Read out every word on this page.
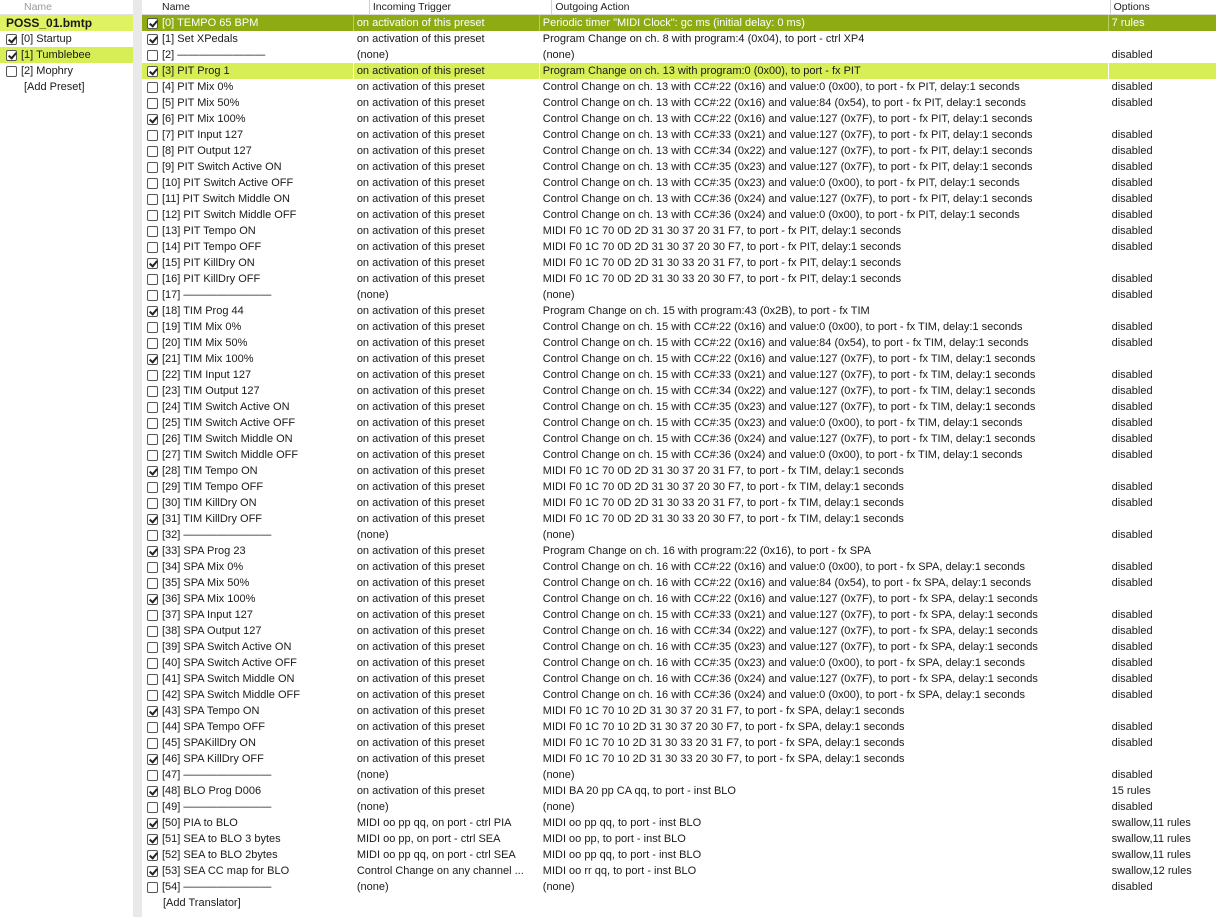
Name
POSS_01.bmtp
[0] Startup
[1] Tumblebee
[2] Mophry
[Add Preset]
Name	Incoming Trigger	Outgoing Action	Options
[0] TEMPO 65 BPM	on activation of this preset	Periodic timer "MIDI Clock": gc ms (initial delay: 0 ms)	7 rules
[1] Set XPedals	on activation of this preset	Program Change on ch. 8 with program:4 (0x04), to port - ctrl XP4
[2] ————————	(none)	(none)	disabled
[3] PIT Prog 1	on activation of this preset	Program Change on ch. 13 with program:0 (0x00), to port - fx PIT
[4] PIT Mix 0%	on activation of this preset	Control Change on ch. 13 with CC#:22 (0x16) and value:0 (0x00), to port - fx PIT, delay:1 seconds	disabled
[5] PIT Mix 50%	on activation of this preset	Control Change on ch. 13 with CC#:22 (0x16) and value:84 (0x54), to port - fx PIT, delay:1 seconds	disabled
[6] PIT Mix 100%	on activation of this preset	Control Change on ch. 13 with CC#:22 (0x16) and value:127 (0x7F), to port - fx PIT, delay:1 seconds
[7] PIT Input 127	on activation of this preset	Control Change on ch. 13 with CC#:33 (0x21) and value:127 (0x7F), to port - fx PIT, delay:1 seconds	disabled
[8] PIT Output 127	on activation of this preset	Control Change on ch. 13 with CC#:34 (0x22) and value:127 (0x7F), to port - fx PIT, delay:1 seconds	disabled
[9] PIT Switch Active ON	on activation of this preset	Control Change on ch. 13 with CC#:35 (0x23) and value:127 (0x7F), to port - fx PIT, delay:1 seconds	disabled
[10] PIT Switch Active OFF	on activation of this preset	Control Change on ch. 13 with CC#:35 (0x23) and value:0 (0x00), to port - fx PIT, delay:1 seconds	disabled
[11] PIT Switch Middle ON	on activation of this preset	Control Change on ch. 13 with CC#:36 (0x24) and value:127 (0x7F), to port - fx PIT, delay:1 seconds	disabled
[12] PIT Switch Middle OFF	on activation of this preset	Control Change on ch. 13 with CC#:36 (0x24) and value:0 (0x00), to port - fx PIT, delay:1 seconds	disabled
[13] PIT Tempo ON	on activation of this preset	MIDI F0 1C 70 0D 2D 31 30 37 20 31 F7, to port - fx PIT, delay:1 seconds	disabled
[14] PIT Tempo OFF	on activation of this preset	MIDI F0 1C 70 0D 2D 31 30 37 20 30 F7, to port - fx PIT, delay:1 seconds	disabled
[15] PIT KillDry ON	on activation of this preset	MIDI F0 1C 70 0D 2D 31 30 33 20 31 F7, to port - fx PIT, delay:1 seconds
[16] PIT KillDry OFF	on activation of this preset	MIDI F0 1C 70 0D 2D 31 30 33 20 30 F7, to port - fx PIT, delay:1 seconds	disabled
[17] ————————	(none)	(none)	disabled
[18] TIM Prog 44	on activation of this preset	Program Change on ch. 15 with program:43 (0x2B), to port - fx TIM
[19] TIM Mix 0%	on activation of this preset	Control Change on ch. 15 with CC#:22 (0x16) and value:0 (0x00), to port - fx TIM, delay:1 seconds	disabled
[20] TIM Mix 50%	on activation of this preset	Control Change on ch. 15 with CC#:22 (0x16) and value:84 (0x54), to port - fx TIM, delay:1 seconds	disabled
[21] TIM Mix 100%	on activation of this preset	Control Change on ch. 15 with CC#:22 (0x16) and value:127 (0x7F), to port - fx TIM, delay:1 seconds
[22] TIM Input 127	on activation of this preset	Control Change on ch. 15 with CC#:33 (0x21) and value:127 (0x7F), to port - fx TIM, delay:1 seconds	disabled
[23] TIM Output 127	on activation of this preset	Control Change on ch. 15 with CC#:34 (0x22) and value:127 (0x7F), to port - fx TIM, delay:1 seconds	disabled
[24] TIM Switch Active ON	on activation of this preset	Control Change on ch. 15 with CC#:35 (0x23) and value:127 (0x7F), to port - fx TIM, delay:1 seconds	disabled
[25] TIM Switch Active OFF	on activation of this preset	Control Change on ch. 15 with CC#:35 (0x23) and value:0 (0x00), to port - fx TIM, delay:1 seconds	disabled
[26] TIM Switch Middle ON	on activation of this preset	Control Change on ch. 15 with CC#:36 (0x24) and value:127 (0x7F), to port - fx TIM, delay:1 seconds	disabled
[27] TIM Switch Middle OFF	on activation of this preset	Control Change on ch. 15 with CC#:36 (0x24) and value:0 (0x00), to port - fx TIM, delay:1 seconds	disabled
[28] TIM Tempo ON	on activation of this preset	MIDI F0 1C 70 0D 2D 31 30 37 20 31 F7, to port - fx TIM, delay:1 seconds
[29] TIM Tempo OFF	on activation of this preset	MIDI F0 1C 70 0D 2D 31 30 37 20 30 F7, to port - fx TIM, delay:1 seconds	disabled
[30] TIM KillDry ON	on activation of this preset	MIDI F0 1C 70 0D 2D 31 30 33 20 31 F7, to port - fx TIM, delay:1 seconds	disabled
[31] TIM KillDry OFF	on activation of this preset	MIDI F0 1C 70 0D 2D 31 30 33 20 30 F7, to port - fx TIM, delay:1 seconds
[32] ————————	(none)	(none)	disabled
[33] SPA Prog 23	on activation of this preset	Program Change on ch. 16 with program:22 (0x16), to port - fx SPA
[34] SPA Mix 0%	on activation of this preset	Control Change on ch. 16 with CC#:22 (0x16) and value:0 (0x00), to port - fx SPA, delay:1 seconds	disabled
[35] SPA Mix 50%	on activation of this preset	Control Change on ch. 16 with CC#:22 (0x16) and value:84 (0x54), to port - fx SPA, delay:1 seconds	disabled
[36] SPA Mix 100%	on activation of this preset	Control Change on ch. 16 with CC#:22 (0x16) and value:127 (0x7F), to port - fx SPA, delay:1 seconds
[37] SPA Input 127	on activation of this preset	Control Change on ch. 15 with CC#:33 (0x21) and value:127 (0x7F), to port - fx SPA, delay:1 seconds	disabled
[38] SPA Output 127	on activation of this preset	Control Change on ch. 16 with CC#:34 (0x22) and value:127 (0x7F), to port - fx SPA, delay:1 seconds	disabled
[39] SPA Switch Active ON	on activation of this preset	Control Change on ch. 16 with CC#:35 (0x23) and value:127 (0x7F), to port - fx SPA, delay:1 seconds	disabled
[40] SPA Switch Active OFF	on activation of this preset	Control Change on ch. 16 with CC#:35 (0x23) and value:0 (0x00), to port - fx SPA, delay:1 seconds	disabled
[41] SPA Switch Middle ON	on activation of this preset	Control Change on ch. 16 with CC#:36 (0x24) and value:127 (0x7F), to port - fx SPA, delay:1 seconds	disabled
[42] SPA Switch Middle OFF	on activation of this preset	Control Change on ch. 16 with CC#:36 (0x24) and value:0 (0x00), to port - fx SPA, delay:1 seconds	disabled
[43] SPA Tempo ON	on activation of this preset	MIDI F0 1C 70 10 2D 31 30 37 20 31 F7, to port - fx SPA, delay:1 seconds
[44] SPA Tempo OFF	on activation of this preset	MIDI F0 1C 70 10 2D 31 30 37 20 30 F7, to port - fx SPA, delay:1 seconds	disabled
[45] SPAKillDry ON	on activation of this preset	MIDI F0 1C 70 10 2D 31 30 33 20 31 F7, to port - fx SPA, delay:1 seconds	disabled
[46] SPA KillDry OFF	on activation of this preset	MIDI F0 1C 70 10 2D 31 30 33 20 30 F7, to port - fx SPA, delay:1 seconds
[47] ————————	(none)	(none)	disabled
[48] BLO Prog D006	on activation of this preset	MIDI BA 20 pp CA qq, to port - inst BLO	15 rules
[49] ————————	(none)	(none)	disabled
[50] PIA to BLO	MIDI oo pp qq, on port - ctrl PIA	MIDI oo pp qq, to port - inst BLO	swallow,11 rules
[51] SEA to BLO 3 bytes	MIDI oo pp, on port - ctrl SEA	MIDI oo pp, to port - inst BLO	swallow,11 rules
[52] SEA to BLO 2bytes	MIDI oo pp qq, on port - ctrl SEA	MIDI oo pp qq, to port - inst BLO	swallow,11 rules
[53] SEA CC map for BLO	Control Change on any channel ...	MIDI oo rr qq, to port - inst BLO	swallow,12 rules
[54] ————————	(none)	(none)	disabled
[Add Translator]
